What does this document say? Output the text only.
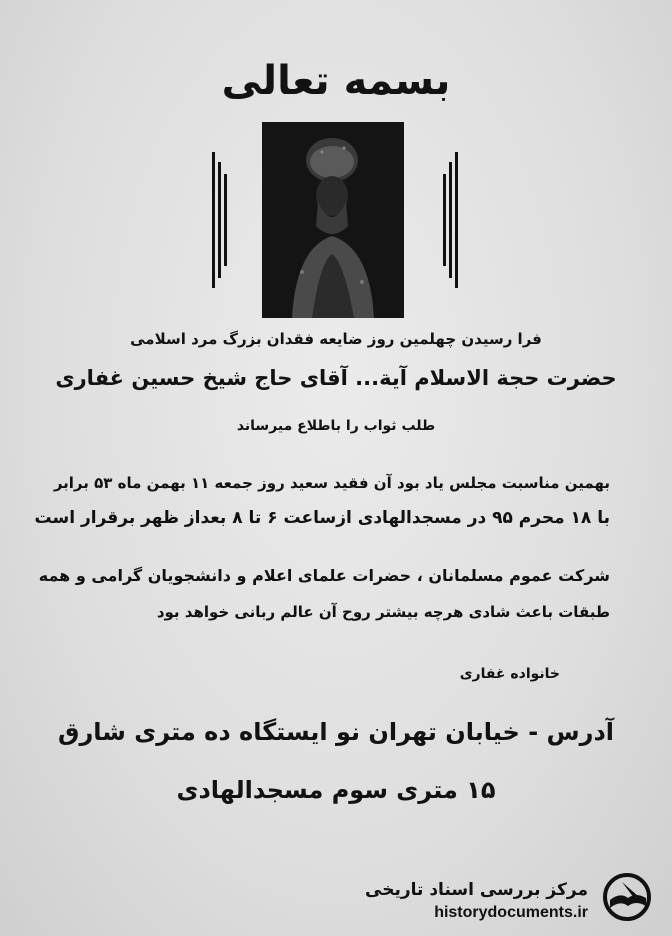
بسمه تعالی
فرا رسیدن چهلمین روز ضایعه فقدان بزرگ مرد اسلامی
حضرت حجة الاسلام آیة... آقای حاج شیخ حسین غفاری
طلب ثواب را باطلاع میرساند
بهمین مناسبت مجلس یاد بود آن فقید سعید روز جمعه ۱۱ بهمن ماه ۵۳ برابر
با ۱۸ محرم ۹۵ در مسجدالهادی ازساعت ۶ تا ۸ بعداز ظهر برقرار است
شرکت عموم مسلمانان ، حضرات علمای اعلام و دانشجویان گرامی و همه
طبقات باعث شادی هرچه بیشتر روح آن عالم ربانی خواهد بود
خانواده غفاری
آدرس - خیابان تهران نو ایستگاه ده متری شارق
۱۵ متری سوم مسجدالهادی
مرکز بررسی اسناد تاریخی
historydocuments.ir
